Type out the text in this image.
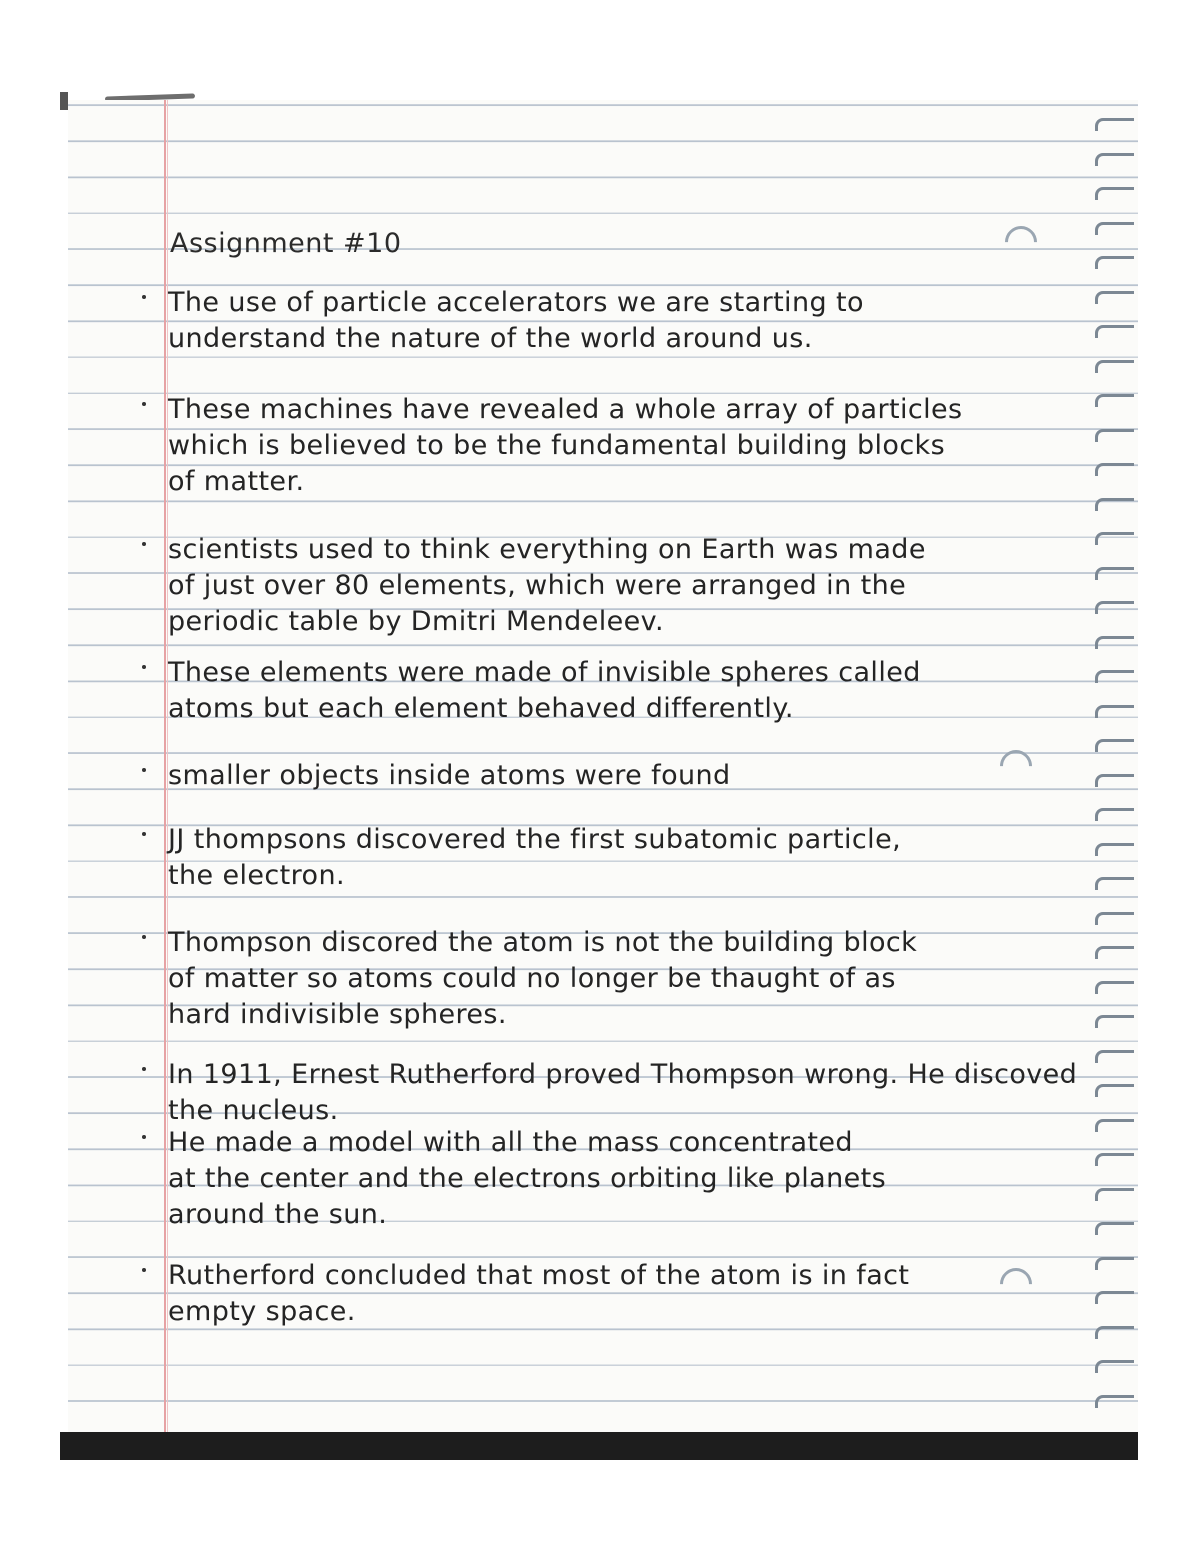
Assignment #10
The use of particle accelerators we are starting to
understand the nature of the world around us.
These machines have revealed a whole array of particles
which is believed to be the fundamental building blocks
of matter.
scientists used to think everything on Earth was made
of just over 80 elements, which were arranged in the
periodic table by Dmitri Mendeleev.
These elements were made of invisible spheres called
atoms but each element behaved differently.
smaller objects inside atoms were found
JJ thompsons discovered the first subatomic particle,
the electron.
Thompson discored the atom is not the building block
of matter so atoms could no longer be thaught of as
hard indivisible spheres.
In 1911, Ernest Rutherford proved Thompson wrong. He discoved
the nucleus.
He made a model with all the mass concentrated
at the center and the electrons orbiting like planets
around the sun.
Rutherford concluded that most of the atom is in fact
empty space.
